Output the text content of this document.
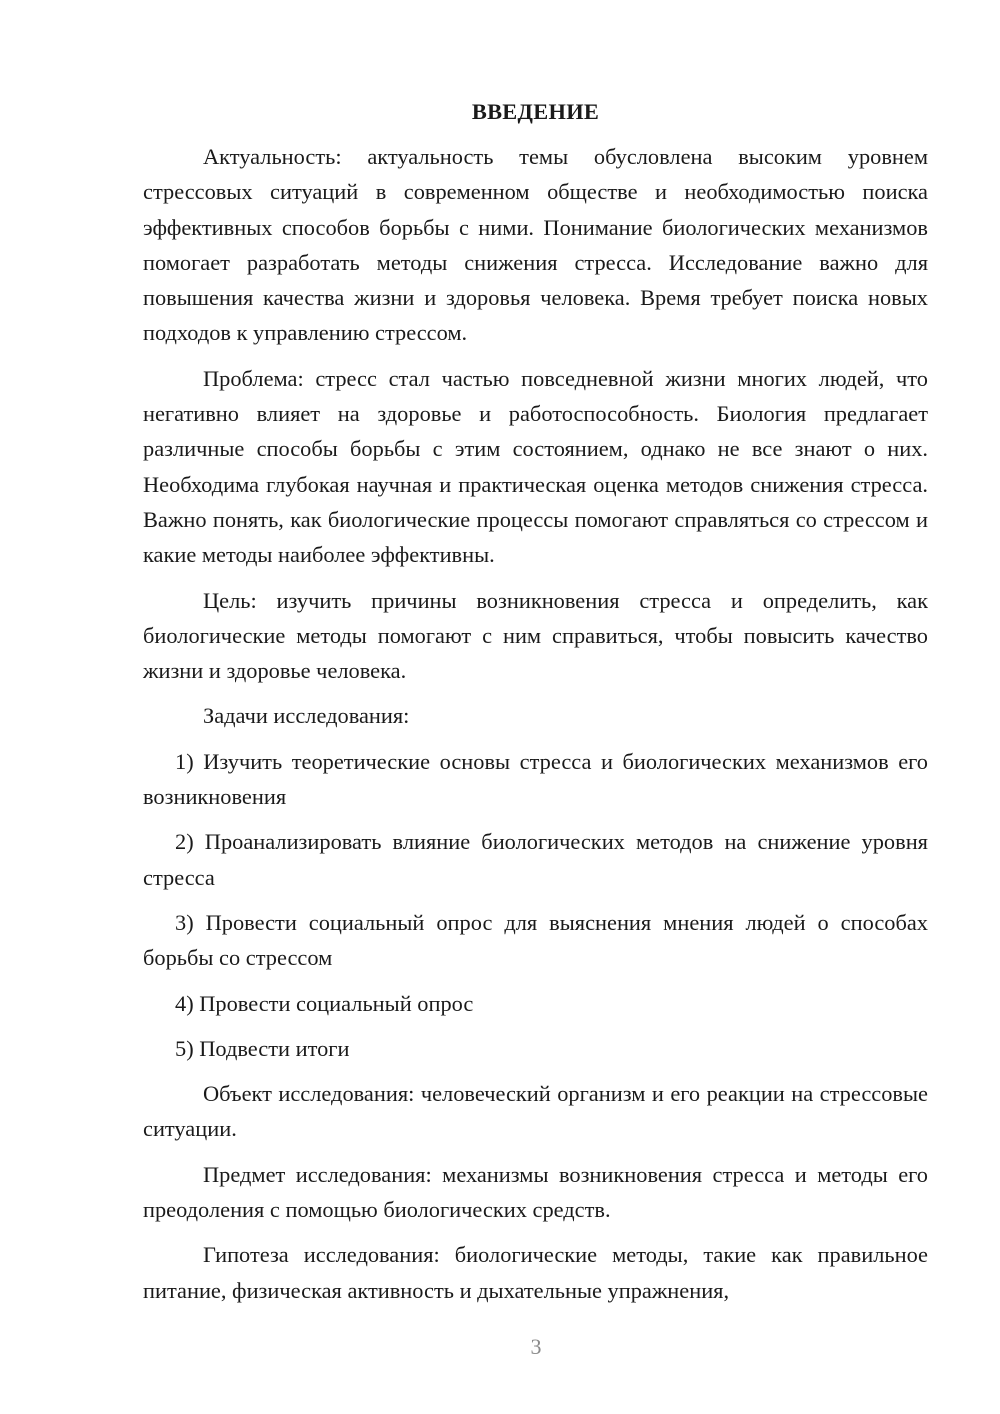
ВВЕДЕНИЕ

Актуальность: актуальность темы обусловлена высоким уровнем стрессовых ситуаций в современном обществе и необходимостью поиска эффективных способов борьбы с ними. Понимание биологических механизмов помогает разработать методы снижения стресса. Исследование важно для повышения качества жизни и здоровья человека. Время требует поиска новых подходов к управлению стрессом.

Проблема: стресс стал частью повседневной жизни многих людей, что негативно влияет на здоровье и работоспособность. Биология предлагает различные способы борьбы с этим состоянием, однако не все знают о них. Необходима глубокая научная и практическая оценка методов снижения стресса. Важно понять, как биологические процессы помогают справляться со стрессом и какие методы наиболее эффективны.

Цель: изучить причины возникновения стресса и определить, как биологические методы помогают с ним справиться, чтобы повысить качество жизни и здоровье человека.

Задачи исследования:

1) Изучить теоретические основы стресса и биологических механизмов его возникновения

2) Проанализировать влияние биологических методов на снижение уровня стресса

3) Провести социальный опрос для выяснения мнения людей о способах борьбы со стрессом

4) Провести социальный опрос

5) Подвести итоги

Объект исследования: человеческий организм и его реакции на стрессовые ситуации.

Предмет исследования: механизмы возникновения стресса и методы его преодоления с помощью биологических средств.

Гипотеза исследования: биологические методы, такие как правильное питание, физическая активность и дыхательные упражнения,

3
